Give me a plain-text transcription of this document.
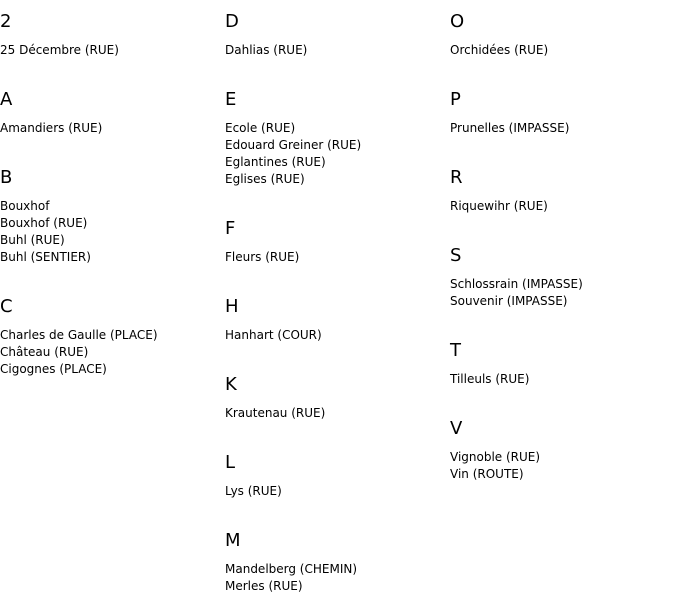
2
25 Décembre (RUE)
A
Amandiers (RUE)
B
Bouxhof
Bouxhof (RUE)
Buhl (RUE)
Buhl (SENTIER)
C
Charles de Gaulle (PLACE)
Château (RUE)
Cigognes (PLACE)
D
Dahlias (RUE)
E
Ecole (RUE)
Edouard Greiner (RUE)
Eglantines (RUE)
Eglises (RUE)
F
Fleurs (RUE)
H
Hanhart (COUR)
K
Krautenau (RUE)
L
Lys (RUE)
M
Mandelberg (CHEMIN)
Merles (RUE)
O
Orchidées (RUE)
P
Prunelles (IMPASSE)
R
Riquewihr (RUE)
S
Schlossrain (IMPASSE)
Souvenir (IMPASSE)
T
Tilleuls (RUE)
V
Vignoble (RUE)
Vin (ROUTE)
